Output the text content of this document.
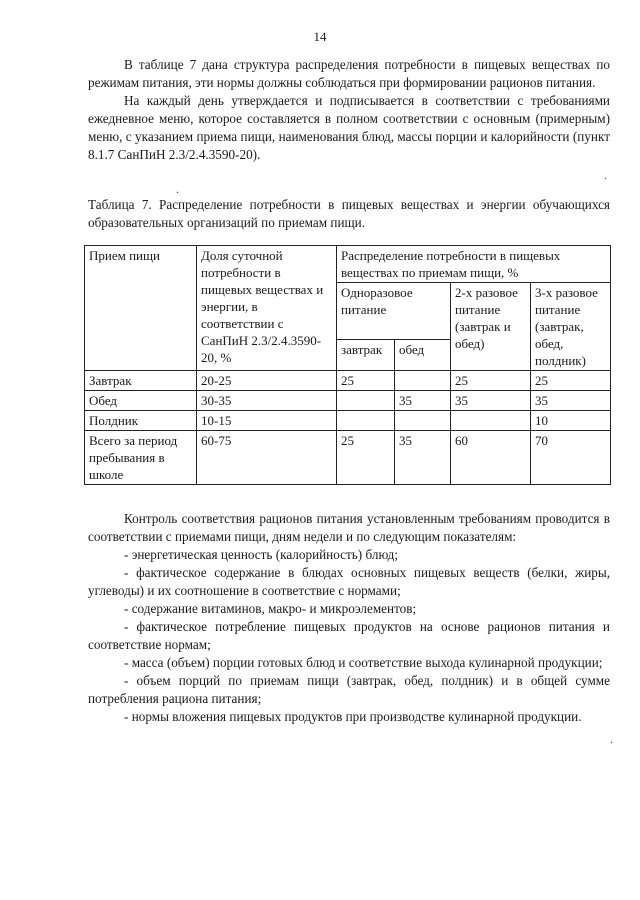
14

В таблице 7 дана структура распределения потребности в пищевых веществах по режимам питания, эти нормы должны соблюдаться при формировании рационов питания.

На каждый день утверждается и подписывается в соответствии с требованиями ежедневное меню, которое составляется в полном соответствии с основным (примерным) меню, с указанием приема пищи, наименования блюд, массы порции и калорийности (пункт 8.1.7 СанПиН 2.3/2.4.3590-20).

.
.

Таблица 7. Распределение потребности в пищевых веществах и энергии обучающихся образовательных организаций по приемам пищи.

Прием пищи	Доля суточной потребности в пищевых веществах и энергии, в соответствии с СанПиН 2.3/2.4.3590-20, %	Распределение потребности в пищевых веществах по приемам пищи, %			
		Одноразовое питание		2-х разовое питание (завтрак и обед)	3-х разовое питание (завтрак, обед, полдник)
		завтрак	обед		
Завтрак	20-25	25		25	25
Обед	30-35		35	35	35
Полдник	10-15				10
Всего за период пребывания в школе	60-75	25	35	60	70

Контроль соответствия рационов питания установленным требованиям проводится в соответствии с приемами пищи, дням недели и по следующим показателям:

- энергетическая ценность (калорийность) блюд;

- фактическое содержание в блюдах основных пищевых веществ (белки, жиры, углеводы) и их соотношение в соответствие с нормами;

- содержание витаминов, макро- и микроэлементов;

- фактическое потребление пищевых продуктов на основе рационов питания и соответствие нормам;

- масса (объем) порции готовых блюд и соответствие выхода кулинарной продукции;

- объем порций по приемам пищи (завтрак, обед, полдник) и в общей сумме потребления рациона питания;

- нормы вложения пищевых продуктов при производстве кулинарной продукции.

.
